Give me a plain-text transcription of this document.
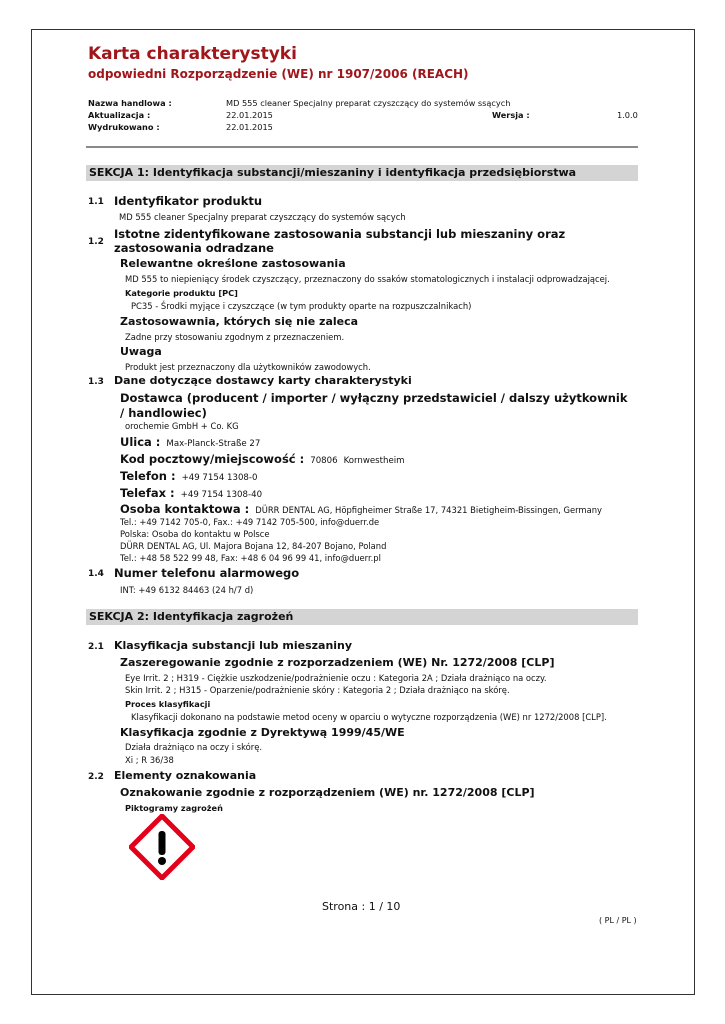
Karta charakterystyki
odpowiedni Rozporządzenie (WE) nr 1907/2006 (REACH)
Nazwa handlowa :	MD 555 cleaner Specjalny preparat czyszczący do systemów ssących
Aktualizacja :	22.01.2015	Wersja :	1.0.0
Wydrukowano :	22.01.2015
SEKCJA 1: Identyfikacja substancji/mieszaniny i identyfikacja przedsiębiorstwa
1.1 Identyfikator produktu
MD 555 cleaner Specjalny preparat czyszczący do systemów sących
1.2
Istotne zidentyfikowane zastosowania substancji lub mieszaniny oraz zastosowania odradzane
Relewantne określone zastosowania
MD 555 to niepieniący środek czyszczący, przeznaczony do ssaków stomatologicznych i instalacji odprowadzającej.
Kategorie produktu [PC]
PC35 - Środki myjące i czyszczące (w tym produkty oparte na rozpuszczalnikach)
Zastosowawnia, których się nie zaleca
Zadne przy stosowaniu zgodnym z przeznaczeniem.
Uwaga
Produkt jest przeznaczony dla użytkowników zawodowych.
1.3 Dane dotyczące dostawcy karty charakterystyki
Dostawca (producent / importer / wyłączny przedstawiciel / dalszy użytkownik / handlowiec)
orochemie GmbH + Co. KG
Ulica : Max-Planck-Straße 27
Kod pocztowy/miejscowość : 70806 Kornwestheim
Telefon : +49 7154 1308-0
Telefax : +49 7154 1308-40
Osoba kontaktowa : DÜRR DENTAL AG, Höpfigheimer Straße 17, 74321 Bietigheim-Bissingen, Germany
Tel.: +49 7142 705-0, Fax.: +49 7142 705-500, info@duerr.de
Polska: Osoba do kontaktu w Polsce
DÜRR DENTAL AG, Ul. Majora Bojana 12, 84-207 Bojano, Poland
Tel.: +48 58 522 99 48, Fax: +48 6 04 96 99 41, info@duerr.pl
1.4 Numer telefonu alarmowego
INT: +49 6132 84463 (24 h/7 d)
SEKCJA 2: Identyfikacja zagrożeń
2.1 Klasyfikacja substancji lub mieszaniny
Zaszeregowanie zgodnie z rozporzadzeniem (WE) Nr. 1272/2008 [CLP]
Eye Irrit. 2 ; H319 - Ciężkie uszkodzenie/podrażnienie oczu : Kategoria 2A ; Działa drażniąco na oczy.
Skin Irrit. 2 ; H315 - Oparzenie/podrażnienie skóry : Kategoria 2 ; Działa drażniąco na skórę.
Proces klasyfikacji
Klasyfikacji dokonano na podstawie metod oceny w oparciu o wytyczne rozporządzenia (WE) nr 1272/2008 [CLP].
Klasyfikacja zgodnie z Dyrektywą 1999/45/WE
Działa drażniąco na oczy i skórę.
Xi ; R 36/38
2.2 Elementy oznakowania
Oznakowanie zgodnie z rozporządzeniem (WE) nr. 1272/2008 [CLP]
Piktogramy zagrożeń
Strona : 1 / 10
( PL / PL )
